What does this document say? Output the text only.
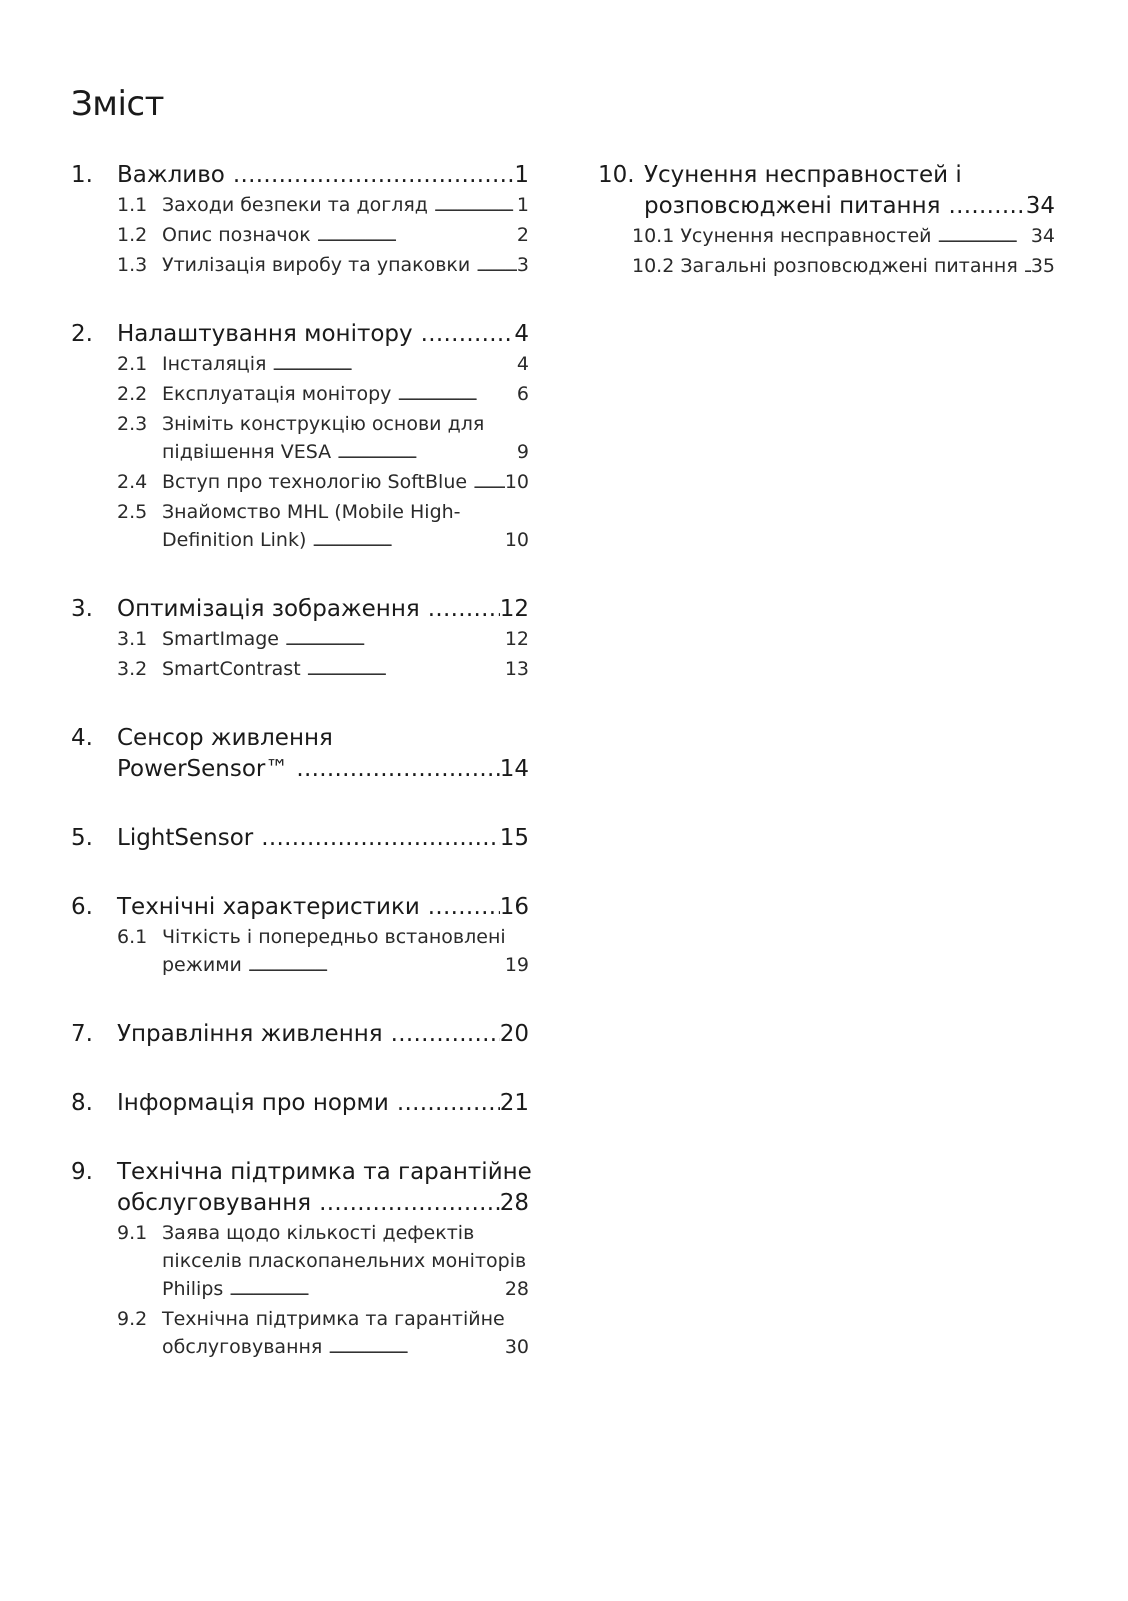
Зміст
1.	Важливо . . .	1
1.1 Заходи безпеки та догляд . . .	1
1.2 Опис позначок . . .	2
1.3 Утилізація виробу та упаковки . . .	3
2.	Налаштування монітору . . .	4
2.1 Інсталяція . . .	4
2.2 Експлуатація монітору . . .	6
2.3 Зніміть конструкцію основи для
підвішення VESA . . .	9
2.4 Вступ про технологію SoftBlue . . .	10
2.5 Знайомство MHL (Mobile High-
Definition Link) . . .	10
3.	Оптимізація зображення . . .	12
3.1 SmartImage . . .	12
3.2 SmartContrast . . .	13
4.	Сенсор живлення
PowerSensor™ . . .	14
5.	LightSensor . . .	15
6.	Технічні характеристики . . .	16
6.1 Чіткість і попередньо встановлені
режими . . .	19
7.	Управління живлення . . .	20
8.	Інформація про норми . . .	21
9.	Технічна підтримка та гарантійне
обслуговування . . .	28
9.1 Заява щодо кількості дефектів
пікселів пласкопанельних моніторів
Philips . . .	28
9.2 Технічна підтримка та гарантійне
обслуговування . . .	30
10. Усунення несправностей і
розповсюджені питання . . .	34
10.1 Усунення несправностей . . .	34
10.2 Загальні розповсюджені питання . . . 35
